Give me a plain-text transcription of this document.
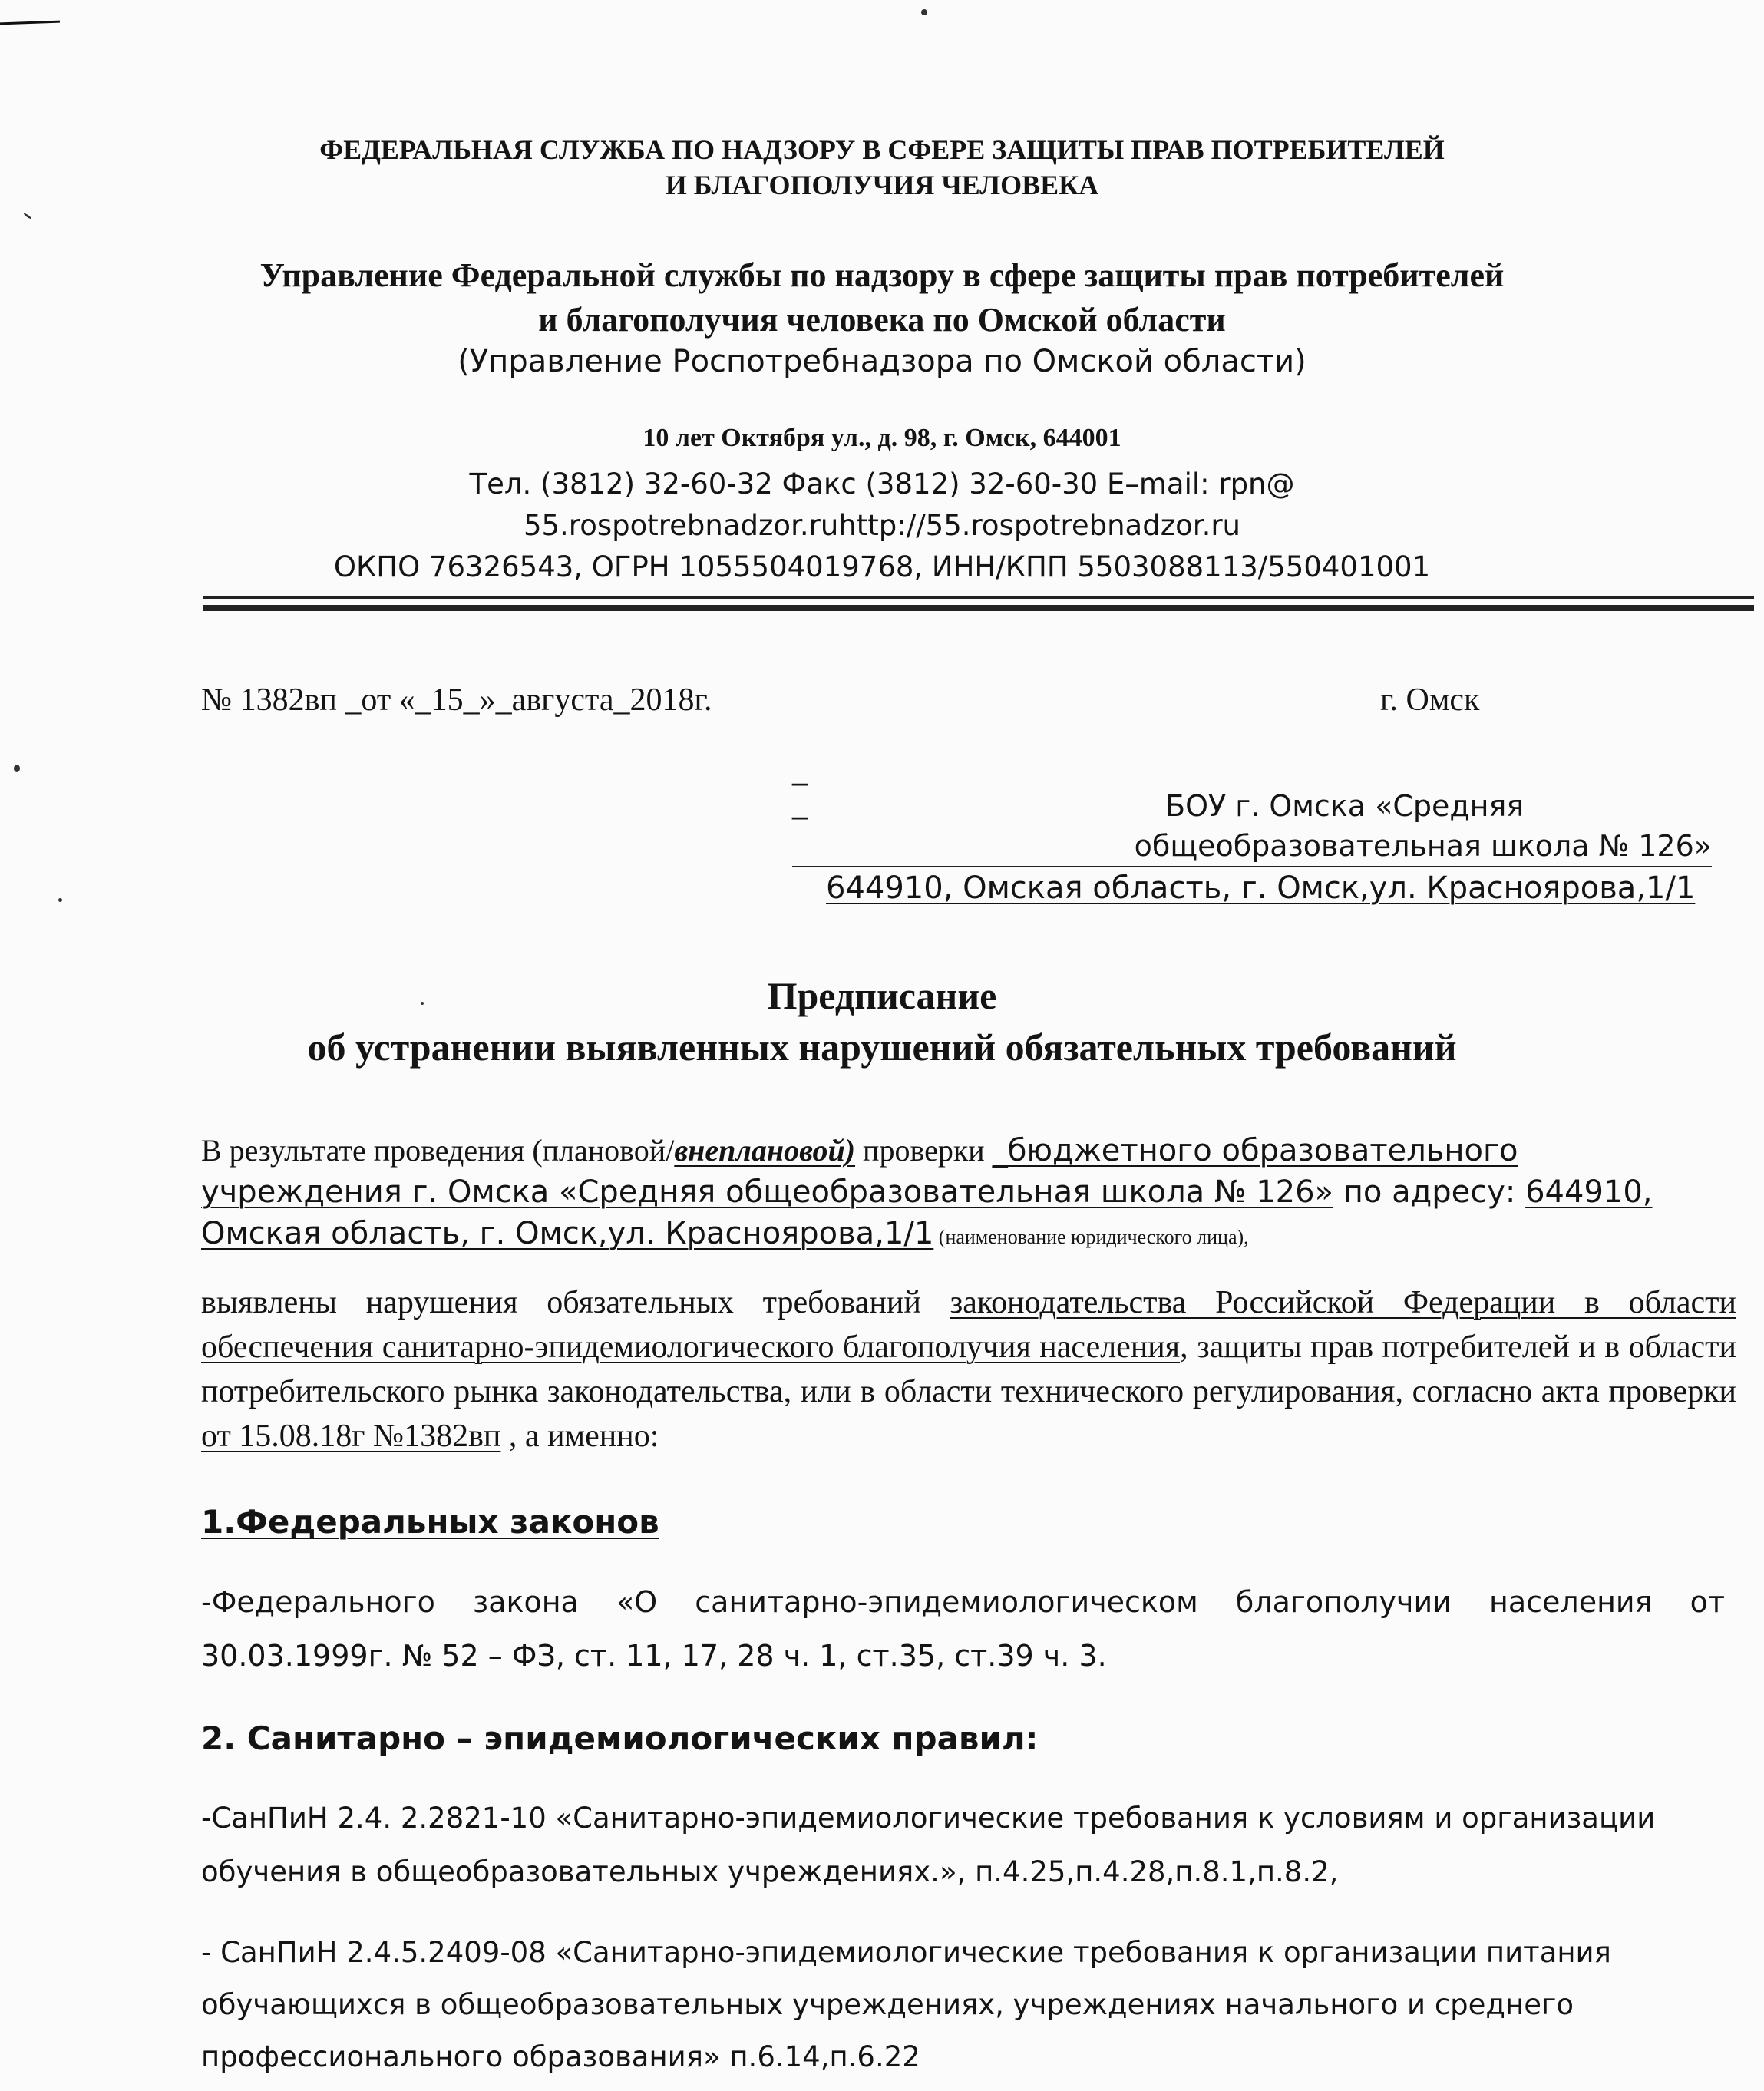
ФЕДЕРАЛЬНАЯ СЛУЖБА ПО НАДЗОРУ В СФЕРЕ ЗАЩИТЫ ПРАВ ПОТРЕБИТЕЛЕЙ
И БЛАГОПОЛУЧИЯ ЧЕЛОВЕКА
Управление Федеральной службы по надзору в сфере защиты прав потребителей
и благополучия человека по Омской области
(Управление Роспотребнадзора по Омской области)
10 лет Октября ул., д. 98, г. Омск, 644001
Тел. (3812) 32-60-32 Факс (3812) 32-60-30 E–mail: rpn@
55.rospotrebnadzor.ruhttp://55.rospotrebnadzor.ru
ОКПО 76326543, ОГРН 1055504019768, ИНН/КПП 5503088113/550401001
№ 1382вп _от «_15_»_августа_2018г.	г. Омск
_
_	БОУ г. Омска «Средняя
общеобразовательная школа № 126»
644910, Омская область, г. Омск,ул. Красноярова,1/1
Предписание
об устранении выявленных нарушений обязательных требований
В результате проведения (плановой/внеплановой) проверки _бюджетного образовательного учреждения г. Омска «Средняя общеобразовательная школа № 126» по адресу: 644910, Омская область, г. Омск,ул. Красноярова,1/1 (наименование юридического лица),
выявлены нарушения обязательных требований законодательства Российской Федерации в области обеспечения санитарно-эпидемиологического благополучия населения, защиты прав потребителей и в области потребительского рынка законодательства, или в области технического регулирования, согласно акта проверки от 15.08.18г №1382вп , а именно:
1.Федеральных законов
-Федерального закона «О санитарно-эпидемиологическом благополучии населения от 30.03.1999г. № 52 – ФЗ, ст. 11, 17, 28 ч. 1, ст.35, ст.39 ч. 3.
2. Санитарно – эпидемиологических правил:
-СанПиН 2.4. 2.2821-10 «Санитарно-эпидемиологические требования к условиям и организации обучения в общеобразовательных учреждениях.», п.4.25,п.4.28,п.8.1,п.8.2,
- СанПиН 2.4.5.2409-08 «Санитарно-эпидемиологические требования к организации питания обучающихся в общеобразовательных учреждениях, учреждениях начального и среднего профессионального образования» п.6.14,п.6.22
